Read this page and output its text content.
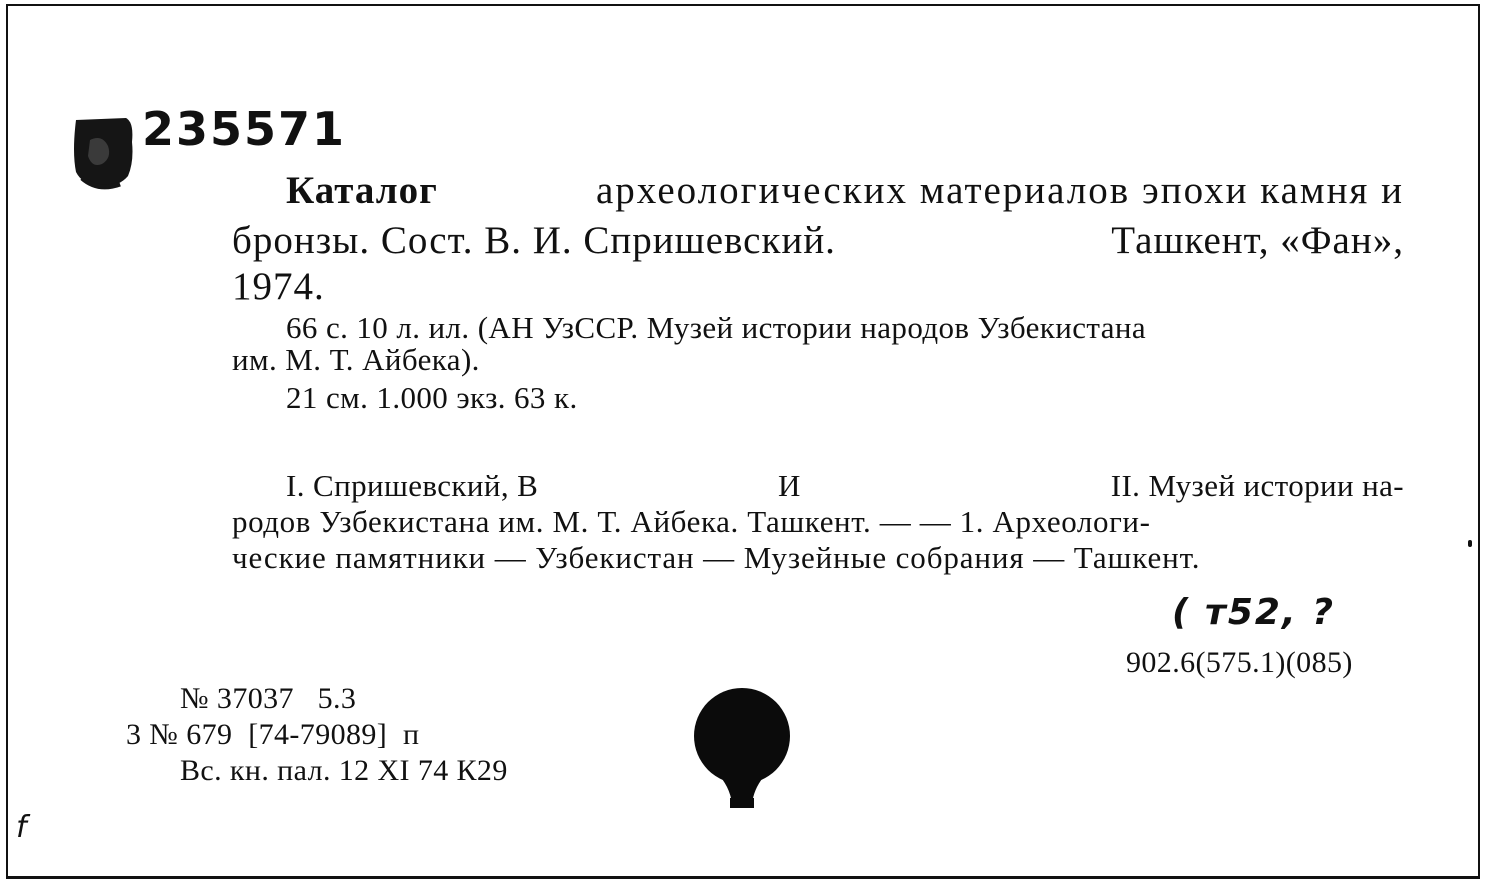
235571
Каталог	археологических материалов эпохи камня и
бронзы. Сост. В. И. Спришевский.	Ташкент, «Фан»,
1974.
66 с. 10 л. ил. (АН УзССР. Музей истории народов Узбекистана
им. М. Т. Айбека).
21 см. 1.000 экз. 63 к.
I. Спришевский, В	И	II. Музей истории на-
родов Узбекистана им. М. Т. Айбека. Ташкент. — — 1. Археологи-
ческие памятники — Узбекистан — Музейные собрания — Ташкент.
( т52, ?
902.6(575.1)(085)
№ 37037   5.3
3 № 679  [74-79089]  п
Вс. кн. пал. 12 XI 74 К29
f
